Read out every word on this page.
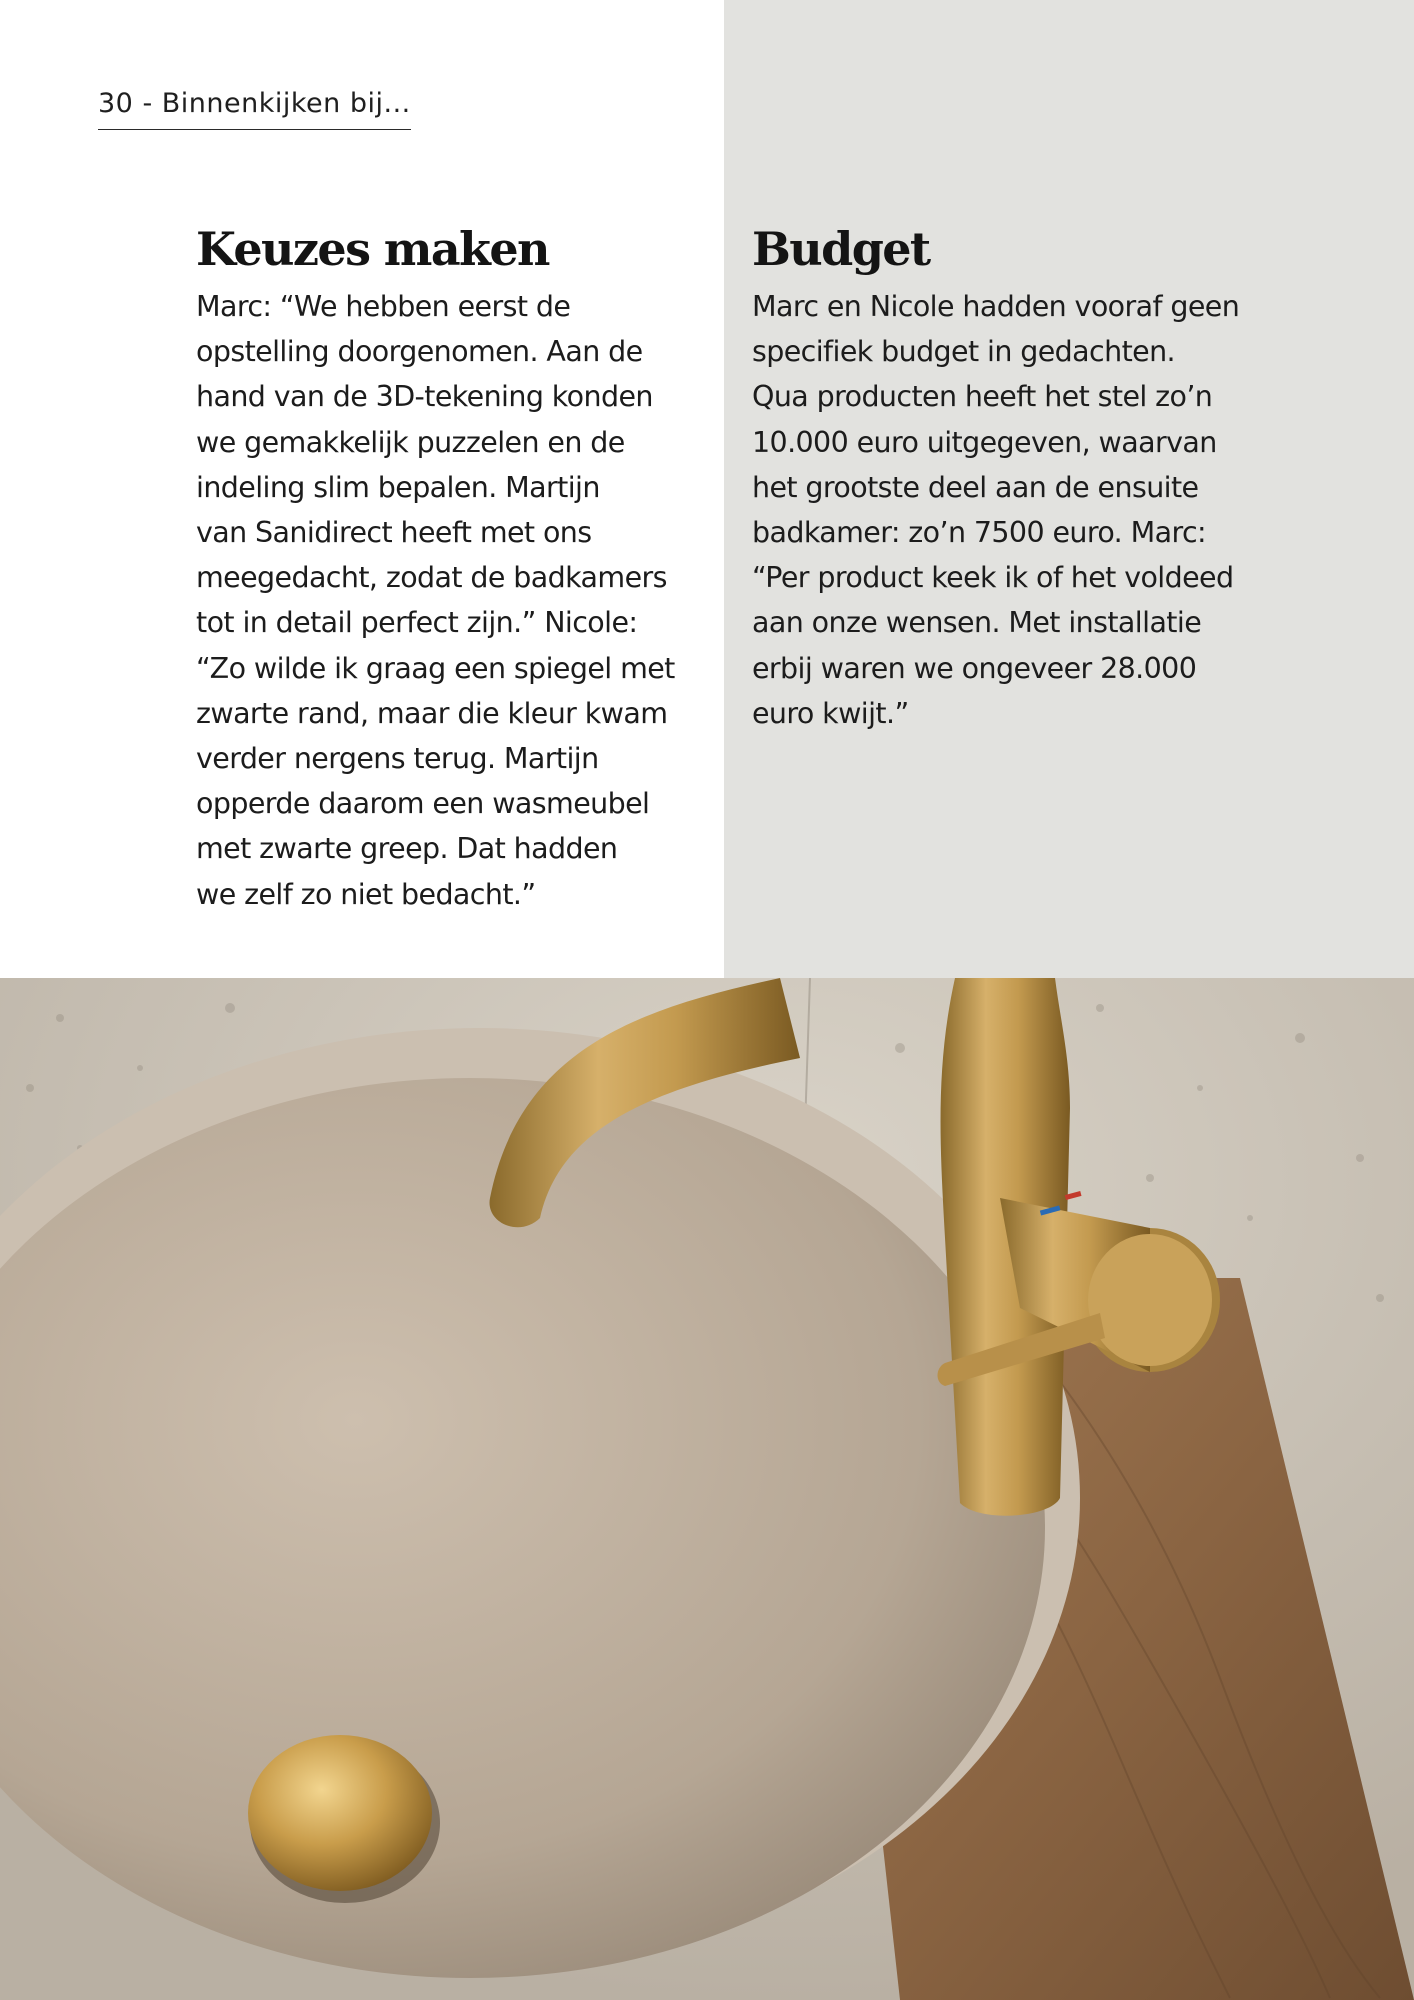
30 - Binnenkijken bij...
Keuzes maken

Marc: “We hebben eerst de
opstelling doorgenomen. Aan de
hand van de 3D-tekening konden
we gemakkelijk puzzelen en de
indeling slim bepalen. Martijn
van Sanidirect heeft met ons
meegedacht, zodat de badkamers
tot in detail perfect zijn.” Nicole:
“Zo wilde ik graag een spiegel met
zwarte rand, maar die kleur kwam
verder nergens terug. Martijn
opperde daarom een wasmeubel
met zwarte greep. Dat hadden
we zelf zo niet bedacht.”

Budget

Marc en Nicole hadden vooraf geen
specifiek budget in gedachten.
Qua producten heeft het stel zo’n
10.000 euro uitgegeven, waarvan
het grootste deel aan de ensuite
badkamer: zo’n 7500 euro. Marc:
“Per product keek ik of het voldeed
aan onze wensen. Met installatie
erbij waren we ongeveer 28.000
euro kwijt.”
